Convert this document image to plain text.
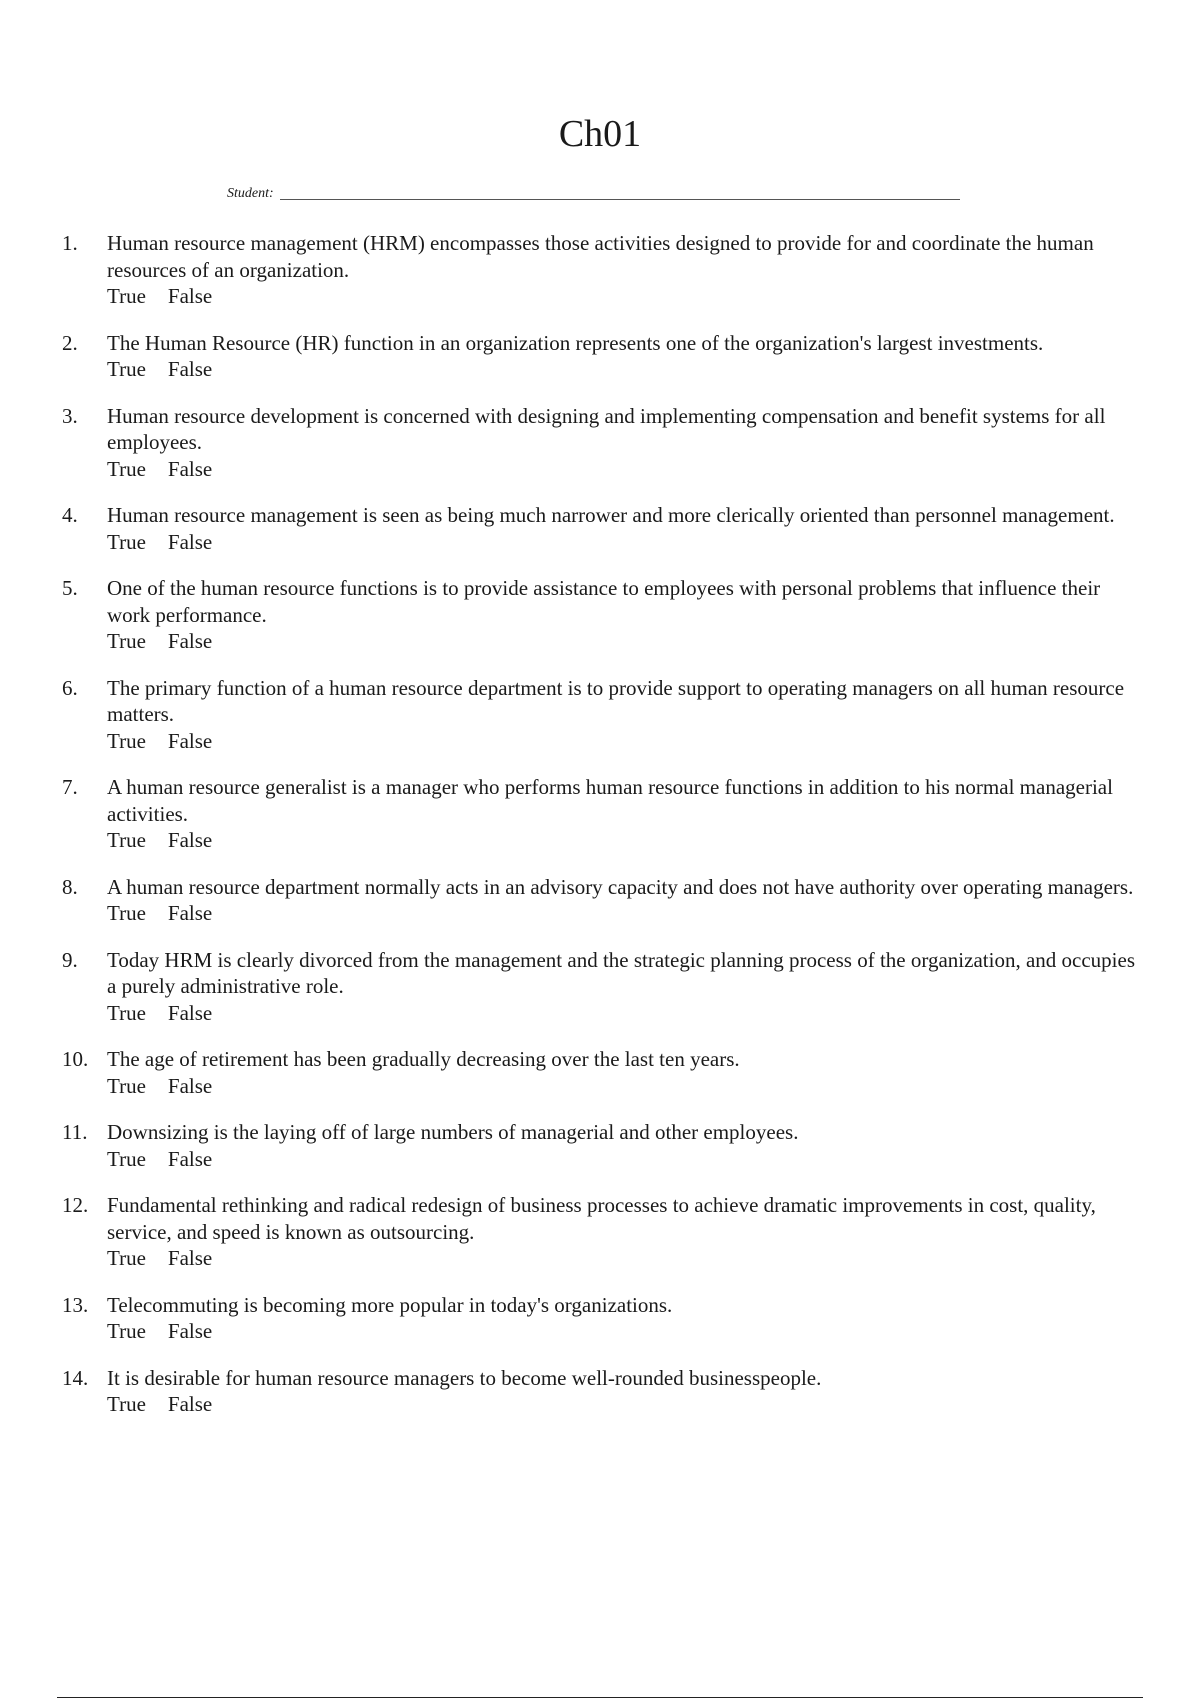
Ch01
Student:
1.	Human resource management (HRM) encompasses those activities designed to provide for and coordinate the human resources of an organization.
True False
2.	The Human Resource (HR) function in an organization represents one of the organization's largest investments.
True False
3.	Human resource development is concerned with designing and implementing compensation and benefit systems for all employees.
True False
4.	Human resource management is seen as being much narrower and more clerically oriented than personnel management.
True False
5.	One of the human resource functions is to provide assistance to employees with personal problems that influence their work performance.
True False
6.	The primary function of a human resource department is to provide support to operating managers on all human resource matters.
True False
7.	A human resource generalist is a manager who performs human resource functions in addition to his normal managerial activities.
True False
8.	A human resource department normally acts in an advisory capacity and does not have authority over operating managers.
True False
9.	Today HRM is clearly divorced from the management and the strategic planning process of the organization, and occupies a purely administrative role.
True False
10. The age of retirement has been gradually decreasing over the last ten years.
True False
11. Downsizing is the laying off of large numbers of managerial and other employees.
True False
12. Fundamental rethinking and radical redesign of business processes to achieve dramatic improvements in cost, quality, service, and speed is known as outsourcing.
True False
13. Telecommuting is becoming more popular in today's organizations.
True False
14. It is desirable for human resource managers to become well-rounded businesspeople.
True False
